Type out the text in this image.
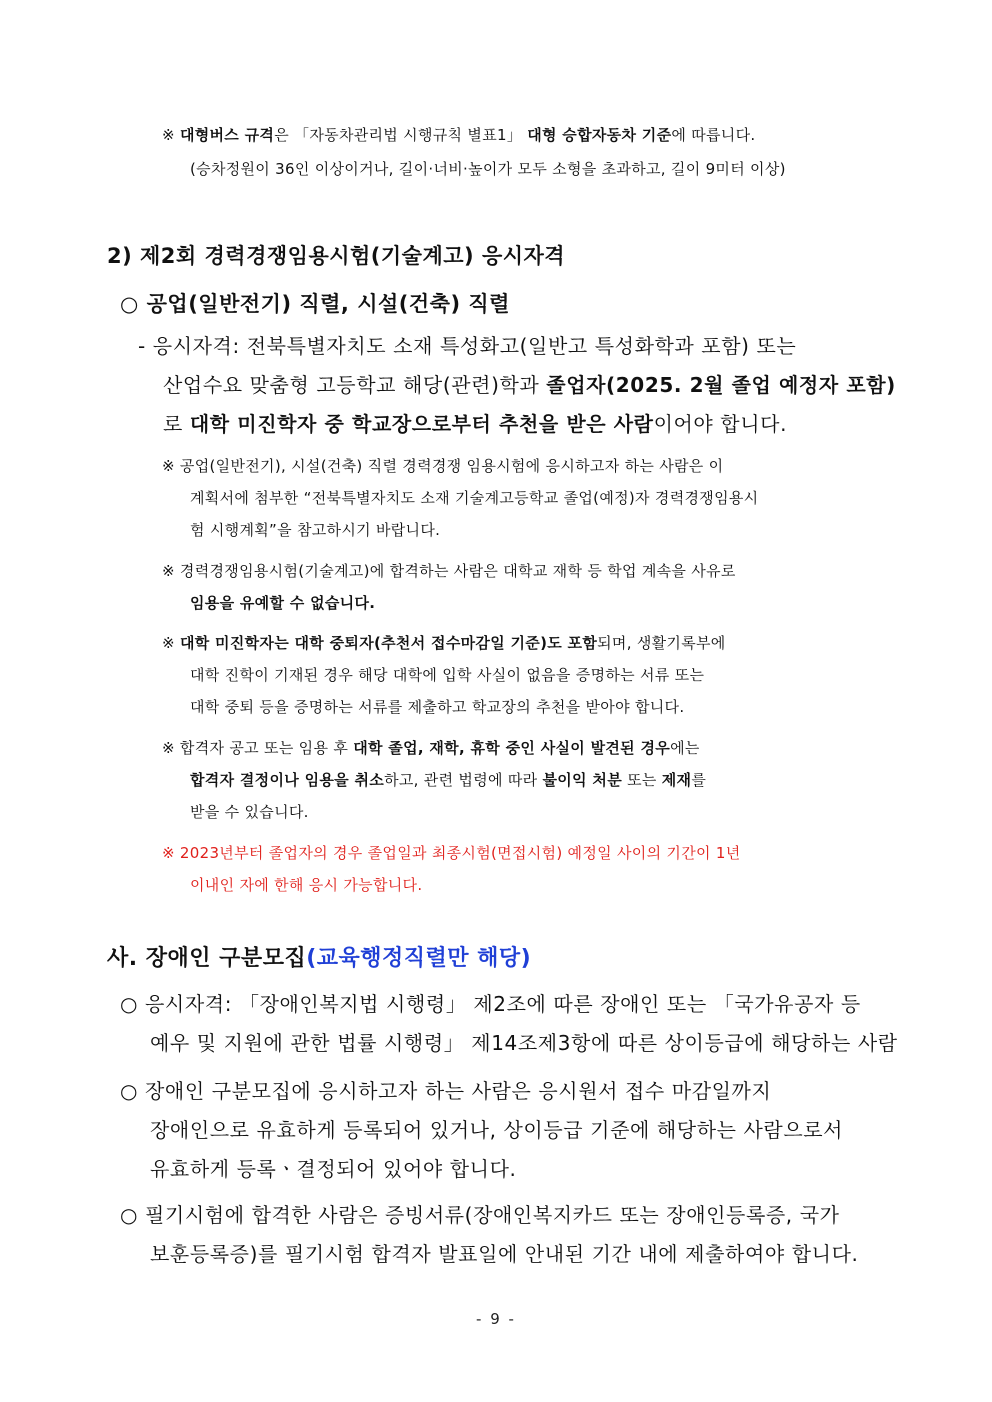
※ 대형버스 규격은 「자동차관리법 시행규칙 별표1」 대형 승합자동차 기준에 따릅니다.
(승차정원이 36인 이상이거나, 길이·너비·높이가 모두 소형을 초과하고, 길이 9미터 이상)
2) 제2회 경력경쟁임용시험(기술계고) 응시자격
○ 공업(일반전기) 직렬, 시설(건축) 직렬
- 응시자격: 전북특별자치도 소재 특성화고(일반고 특성화학과 포함) 또는
산업수요 맞춤형 고등학교 해당(관련)학과 졸업자(2025. 2월 졸업 예정자 포함)
로 대학 미진학자 중 학교장으로부터 추천을 받은 사람이어야 합니다.
※ 공업(일반전기), 시설(건축) 직렬 경력경쟁 임용시험에 응시하고자 하는 사람은 이
계획서에 첨부한 “전북특별자치도 소재 기술계고등학교 졸업(예정)자 경력경쟁임용시
험 시행계획”을 참고하시기 바랍니다.
※ 경력경쟁임용시험(기술계고)에 합격하는 사람은 대학교 재학 등 학업 계속을 사유로
임용을 유예할 수 없습니다.
※ 대학 미진학자는 대학 중퇴자(추천서 접수마감일 기준)도 포함되며, 생활기록부에
대학 진학이 기재된 경우 해당 대학에 입학 사실이 없음을 증명하는 서류 또는
대학 중퇴 등을 증명하는 서류를 제출하고 학교장의 추천을 받아야 합니다.
※ 합격자 공고 또는 임용 후 대학 졸업, 재학, 휴학 중인 사실이 발견된 경우에는
합격자 결정이나 임용을 취소하고, 관련 법령에 따라 불이익 처분 또는 제재를
받을 수 있습니다.
※ 2023년부터 졸업자의 경우 졸업일과 최종시험(면접시험) 예정일 사이의 기간이 1년
이내인 자에 한해 응시 가능합니다.
사. 장애인 구분모집(교육행정직렬만 해당)
○ 응시자격: 「장애인복지법 시행령」 제2조에 따른 장애인 또는 「국가유공자 등
예우 및 지원에 관한 법률 시행령」 제14조제3항에 따른 상이등급에 해당하는 사람
○ 장애인 구분모집에 응시하고자 하는 사람은 응시원서 접수 마감일까지
장애인으로 유효하게 등록되어 있거나, 상이등급 기준에 해당하는 사람으로서
유효하게 등록ㆍ결정되어 있어야 합니다.
○ 필기시험에 합격한 사람은 증빙서류(장애인복지카드 또는 장애인등록증, 국가
보훈등록증)를 필기시험 합격자 발표일에 안내된 기간 내에 제출하여야 합니다.
- 9 -
